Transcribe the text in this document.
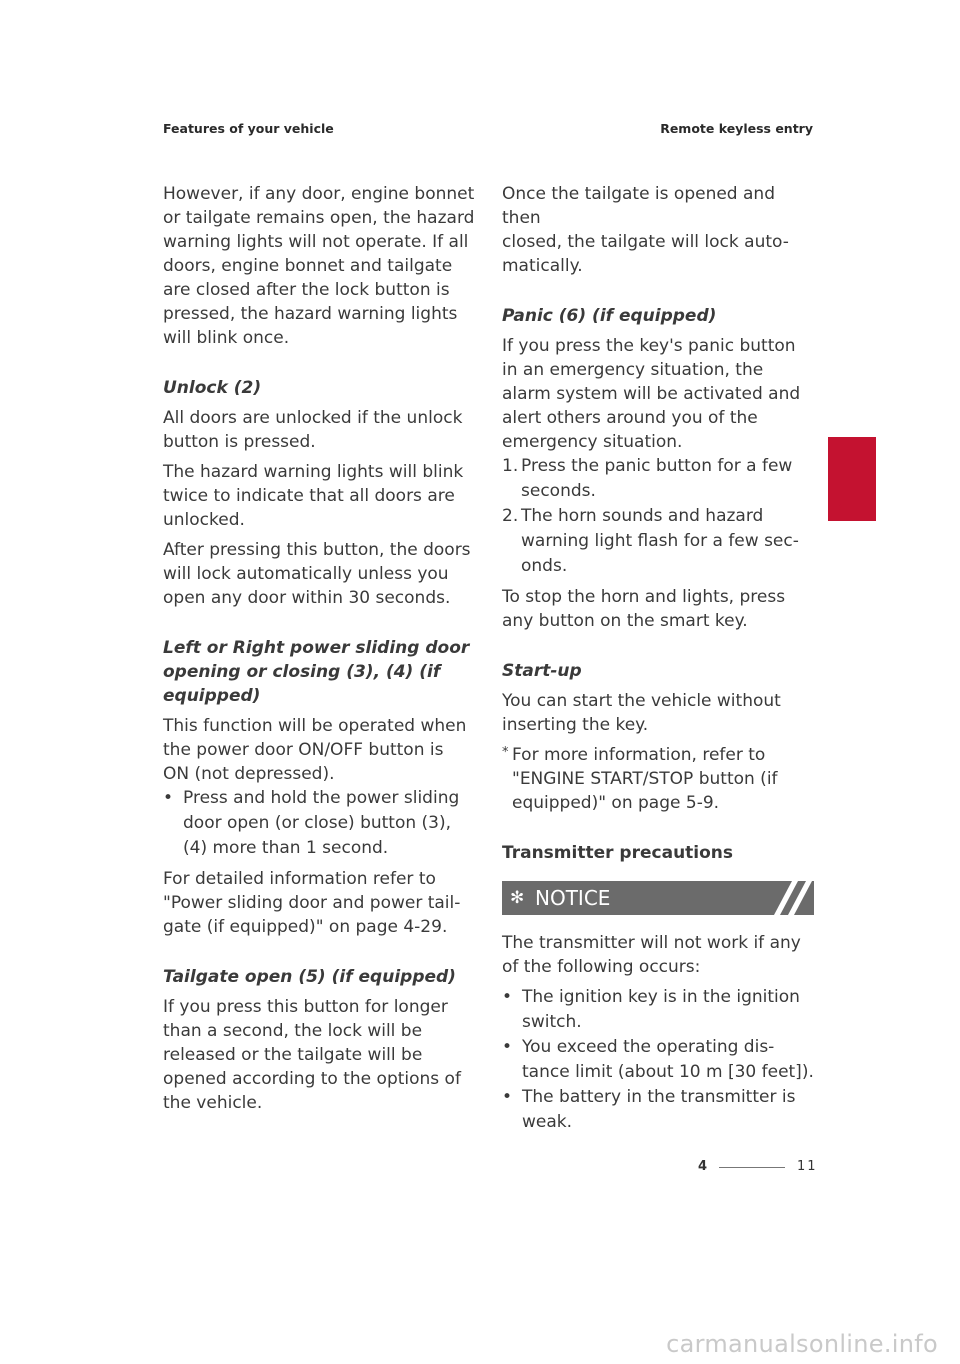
Features of your vehicle	Remote keyless entry

However, if any door, engine bonnet
or tailgate remains open, the hazard
warning lights will not operate. If all
doors, engine bonnet and tailgate
are closed after the lock button is
pressed, the hazard warning lights
will blink once.

Unlock (2)

All doors are unlocked if the unlock
button is pressed.

The hazard warning lights will blink
twice to indicate that all doors are
unlocked.

After pressing this button, the doors
will lock automatically unless you
open any door within 30 seconds.

Left or Right power sliding door
opening or closing (3), (4) (if
equipped)

This function will be operated when
the power door ON/OFF button is
ON (not depressed).

• Press and hold the power sliding
door open (or close) button (3),
(4) more than 1 second.

For detailed information refer to
"Power sliding door and power tail-
gate (if equipped)" on page 4-29.

Tailgate open (5) (if equipped)

If you press this button for longer
than a second, the lock will be
released or the tailgate will be
opened according to the options of
the vehicle.

Once the tailgate is opened and then
closed, the tailgate will lock auto-
matically.

Panic (6) (if equipped)

If you press the key's panic button
in an emergency situation, the
alarm system will be activated and
alert others around you of the
emergency situation.

1. Press the panic button for a few
seconds.
2. The horn sounds and hazard
warning light flash for a few sec-
onds.

To stop the horn and lights, press
any button on the smart key.

Start-up

You can start the vehicle without
inserting the key.

* For more information, refer to
"ENGINE START/STOP button (if
equipped)" on page 5-9.

Transmitter precautions

✻ NOTICE

The transmitter will not work if any
of the following occurs:

• The ignition key is in the ignition
switch.
• You exceed the operating dis-
tance limit (about 10 m [30 feet]).
• The battery in the transmitter is
weak.
4
4	11
carmanualsonline.info
